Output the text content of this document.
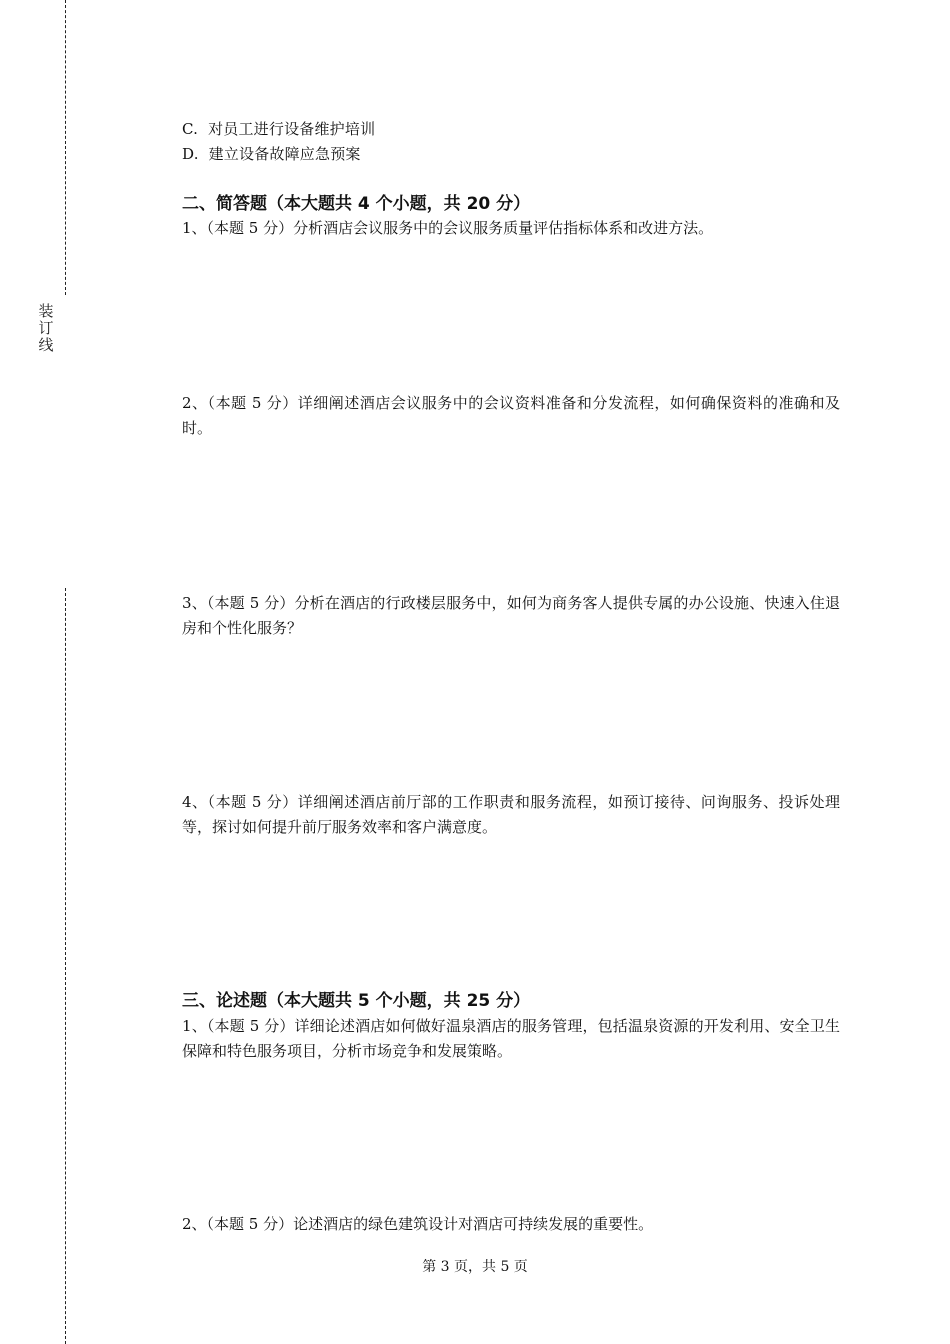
装
订
线
C. 对员工进行设备维护培训
D. 建立设备故障应急预案
二、简答题（本大题共 4 个小题，共 20 分）
1、（本题 5 分）分析酒店会议服务中的会议服务质量评估指标体系和改进方法。
2、（本题 5 分）详细阐述酒店会议服务中的会议资料准备和分发流程，如何确保资料的准确和及时。
3、（本题 5 分）分析在酒店的行政楼层服务中，如何为商务客人提供专属的办公设施、快速入住退房和个性化服务？
4、（本题 5 分）详细阐述酒店前厅部的工作职责和服务流程，如预订接待、问询服务、投诉处理等，探讨如何提升前厅服务效率和客户满意度。
三、论述题（本大题共 5 个小题，共 25 分）
1、（本题 5 分）详细论述酒店如何做好温泉酒店的服务管理，包括温泉资源的开发利用、安全卫生保障和特色服务项目，分析市场竞争和发展策略。
2、（本题 5 分）论述酒店的绿色建筑设计对酒店可持续发展的重要性。
第 3 页，共 5 页
